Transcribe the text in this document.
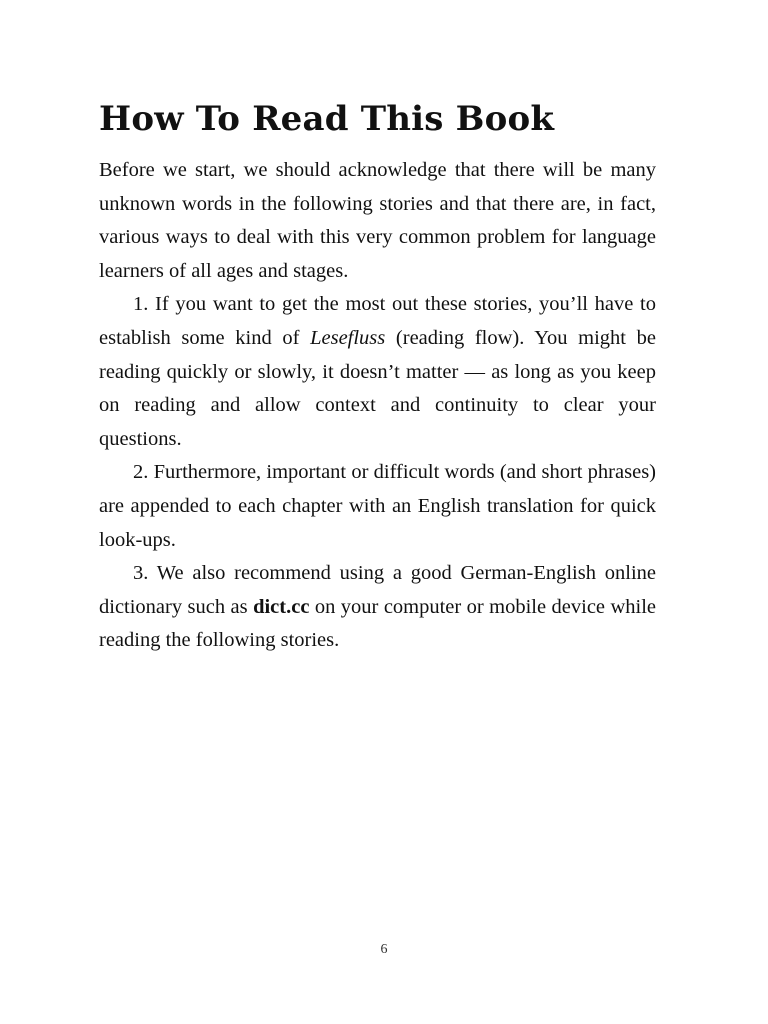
How To Read This Book

Before we start, we should acknowledge that there will be many unknown words in the following stories and that there are, in fact, various ways to deal with this very common problem for language learners of all ages and stages.

1. If you want to get the most out these stories, you’ll have to establish some kind of Lesefluss (reading flow). You might be reading quickly or slowly, it doesn’t matter — as long as you keep on reading and allow context and continuity to clear your questions.

2. Furthermore, important or difficult words (and short phrases) are appended to each chapter with an English translation for quick look-ups.

3. We also recommend using a good German-English online dictionary such as dict.cc on your computer or mobile device while reading the following stories.

6
